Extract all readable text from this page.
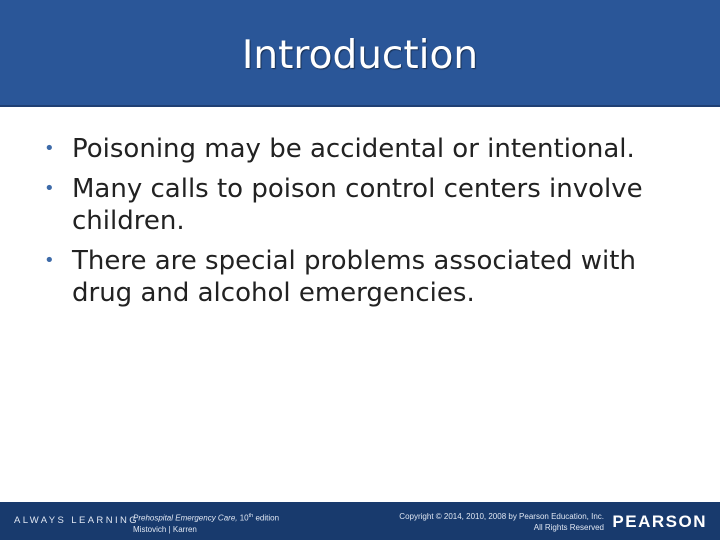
Introduction
• Poisoning may be accidental or intentional.
• Many calls to poison control centers involve children.
• There are special problems associated with drug and alcohol emergencies.
ALWAYS LEARNING
Prehospital Emergency Care, 10th edition
Mistovich | Karren
Copyright © 2014, 2010, 2008 by Pearson Education, Inc.
All Rights Reserved PEARSON
